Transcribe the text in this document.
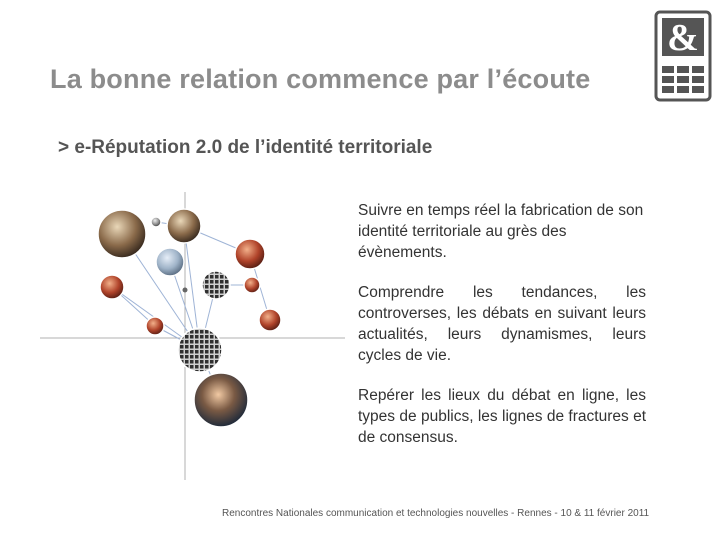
La bonne relation commence par l’écoute
&
> e-Réputation 2.0 de l’identité territoriale

Suivre en temps réel la fabrication de son identité territoriale au grès des évènements.

Comprendre les tendances, les controverses, les débats en suivant leurs actualités, leurs dynamismes, leurs cycles de vie.

Repérer les lieux du débat en ligne, les types de publics, les lignes de fractures et de consensus.

Rencontres Nationales communication et technologies nouvelles - Rennes - 10 & 11 février 2011
